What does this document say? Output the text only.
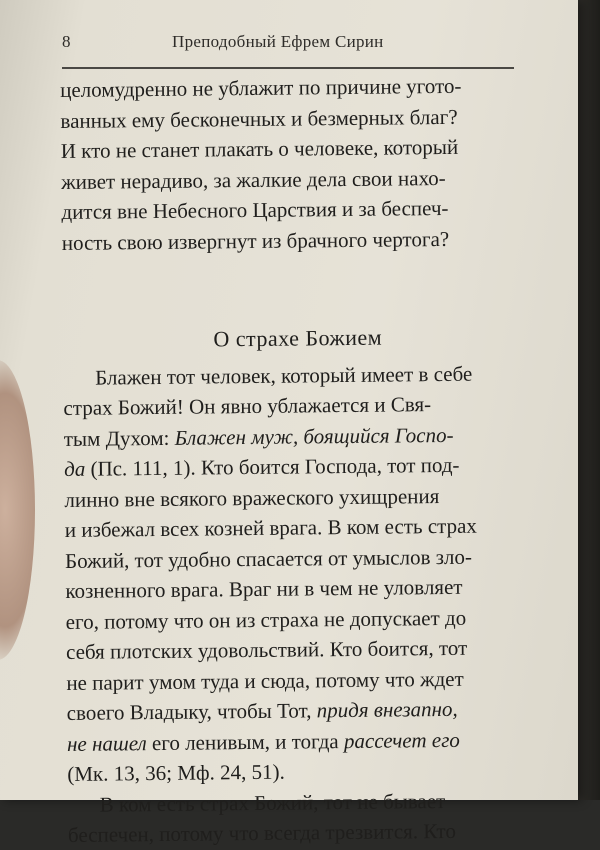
8	Преподобный Ефрем Сирин
целомудренно не ублажит по причине угото-
ванных ему бесконечных и безмерных благ?
И кто не станет плакать о человеке, который
живет нерадиво, за жалкие дела свои нахо-
дится вне Небесного Царствия и за беспеч-
ность свою извергнут из брачного чертога?
О страхе Божием
Блажен тот человек, который имеет в себе
страх Божий! Он явно ублажается и Свя-
тым Духом: Блажен муж, боящийся Госпо-
да (Пс. 111, 1). Кто боится Господа, тот под-
линно вне всякого вражеского ухищрения
и избежал всех козней врага. В ком есть страх
Божий, тот удобно спасается от умыслов зло-
козненного врага. Враг ни в чем не уловляет
его, потому что он из страха не допускает до
себя плотских удовольствий. Кто боится, тот
не парит умом туда и сюда, потому что ждет
своего Владыку, чтобы Тот, придя внезапно,
не нашел его ленивым, и тогда рассечет его
(Мк. 13, 36; Мф. 24, 51).
В ком есть страх Божий, тот не бывает
беспечен, потому что всегда трезвится. Кто
